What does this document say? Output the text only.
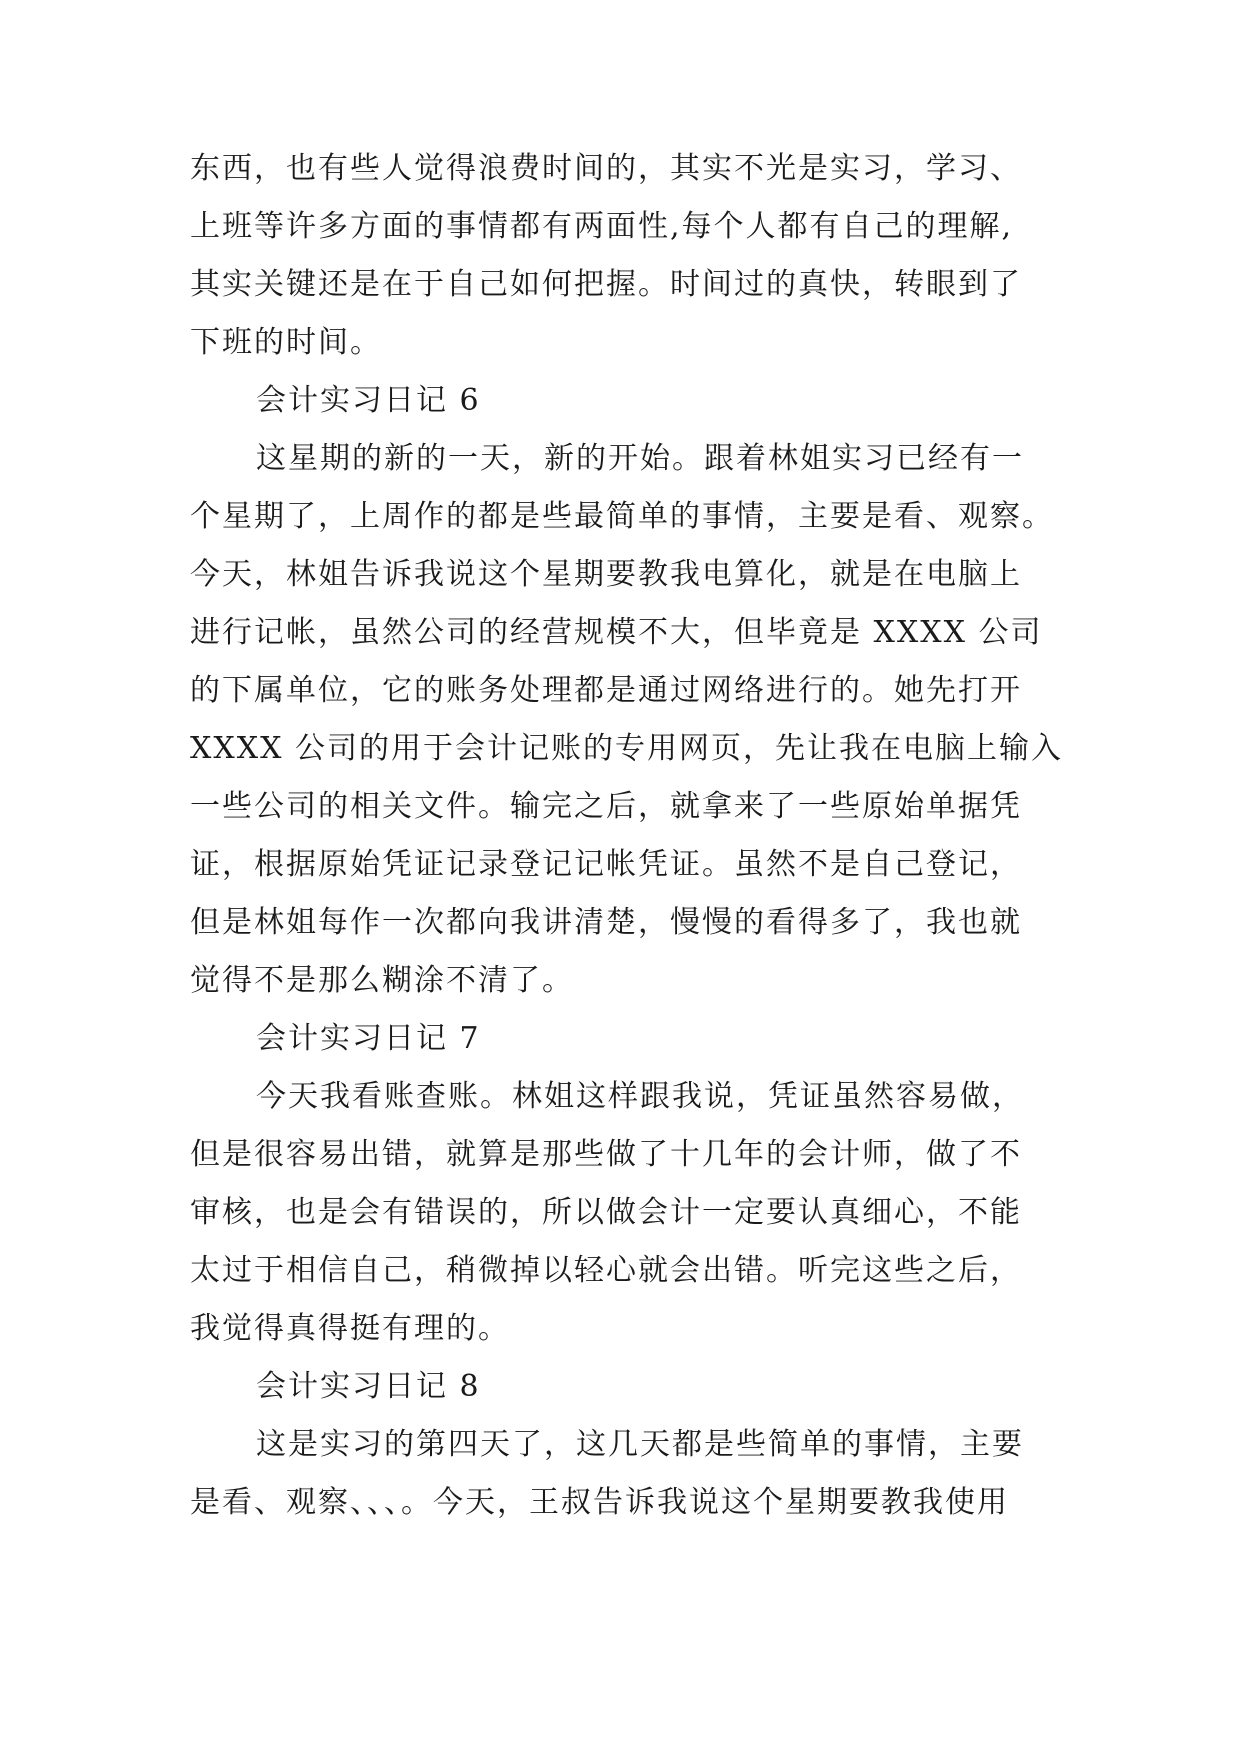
东西，也有些人觉得浪费时间的，其实不光是实习，学习、
上班等许多方面的事情都有两面性,每个人都有自己的理解,
其实关键还是在于自己如何把握。时间过的真快，转眼到了
下班的时间。
会计实习日记 6
这星期的新的一天，新的开始。跟着林姐实习已经有一
个星期了，上周作的都是些最简单的事情，主要是看、观察。
今天，林姐告诉我说这个星期要教我电算化，就是在电脑上
进行记帐，虽然公司的经营规模不大，但毕竟是 XXXX 公司
的下属单位，它的账务处理都是通过网络进行的。她先打开
XXXX 公司的用于会计记账的专用网页，先让我在电脑上输入
一些公司的相关文件。输完之后，就拿来了一些原始单据凭
证，根据原始凭证记录登记记帐凭证。虽然不是自己登记，
但是林姐每作一次都向我讲清楚，慢慢的看得多了，我也就
觉得不是那么糊涂不清了。
会计实习日记 7
今天我看账查账。林姐这样跟我说，凭证虽然容易做，
但是很容易出错，就算是那些做了十几年的会计师，做了不
审核，也是会有错误的，所以做会计一定要认真细心，不能
太过于相信自己，稍微掉以轻心就会出错。听完这些之后，
我觉得真得挺有理的。
会计实习日记 8
这是实习的第四天了，这几天都是些简单的事情，主要
是看、观察、、、。今天，王叔告诉我说这个星期要教我使用
